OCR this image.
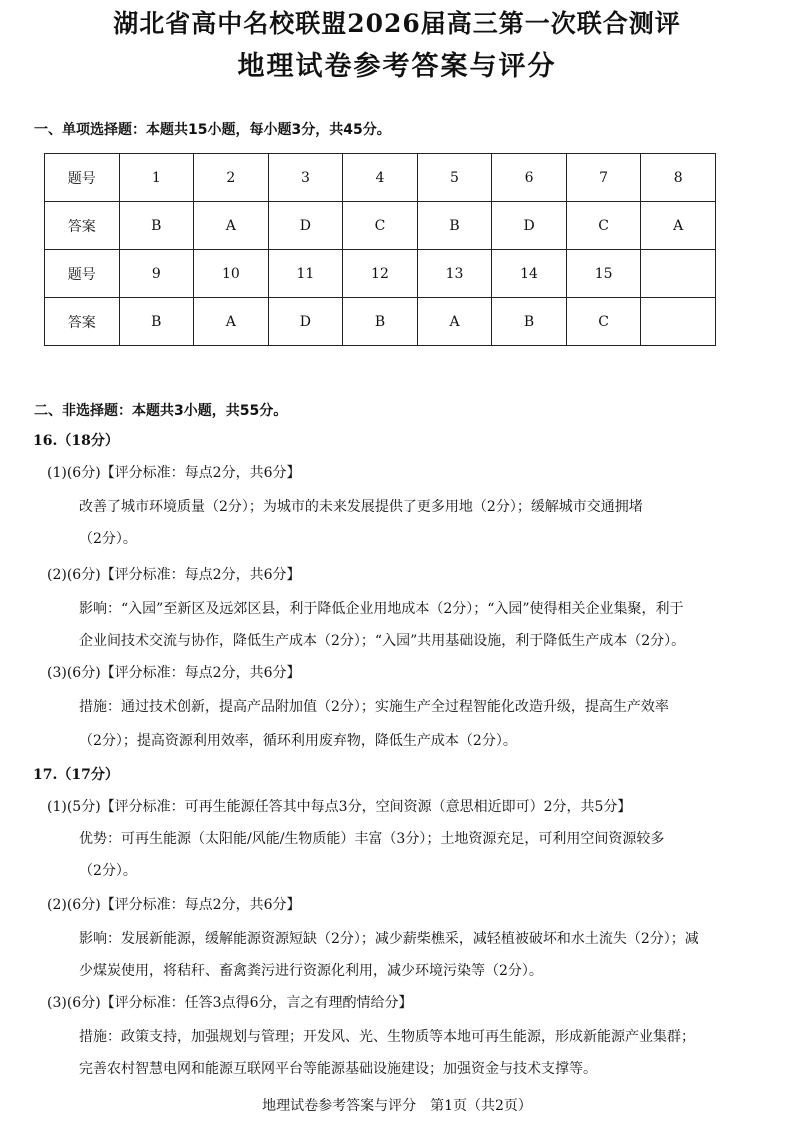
湖北省高中名校联盟2026届高三第一次联合测评
地理试卷参考答案与评分
一、单项选择题：本题共15小题，每小题3分，共45分。
题号	1	2	3	4	5	6	7	8
答案	B	A	D	C	B	D	C	A
题号	9	10	11	12	13	14	15	
答案	B	A	D	B	A	B	C	
二、非选择题：本题共3小题，共55分。
16.（18分）
(1)(6分)【评分标准：每点2分，共6分】
改善了城市环境质量（2分）；为城市的未来发展提供了更多用地（2分）；缓解城市交通拥堵
（2分）。
(2)(6分)【评分标准：每点2分，共6分】
影响：“入园”至新区及远郊区县，利于降低企业用地成本（2分）；“入园”使得相关企业集聚，利于
企业间技术交流与协作，降低生产成本（2分）；“入园”共用基础设施，利于降低生产成本（2分）。
(3)(6分)【评分标准：每点2分，共6分】
措施：通过技术创新，提高产品附加值（2分）；实施生产全过程智能化改造升级，提高生产效率
（2分）；提高资源利用效率，循环利用废弃物，降低生产成本（2分）。
17.（17分）
(1)(5分)【评分标准：可再生能源任答其中每点3分，空间资源（意思相近即可）2分，共5分】
优势：可再生能源（太阳能/风能/生物质能）丰富（3分）；土地资源充足，可利用空间资源较多
（2分）。
(2)(6分)【评分标准：每点2分，共6分】
影响：发展新能源，缓解能源资源短缺（2分）；减少薪柴樵采，减轻植被破坏和水土流失（2分）；减
少煤炭使用，将秸秆、畜禽粪污进行资源化利用，减少环境污染等（2分）。
(3)(6分)【评分标准：任答3点得6分，言之有理酌情给分】
措施：政策支持，加强规划与管理；开发风、光、生物质等本地可再生能源，形成新能源产业集群；
完善农村智慧电网和能源互联网平台等能源基础设施建设；加强资金与技术支撑等。
地理试卷参考答案与评分　第1页（共2页）
